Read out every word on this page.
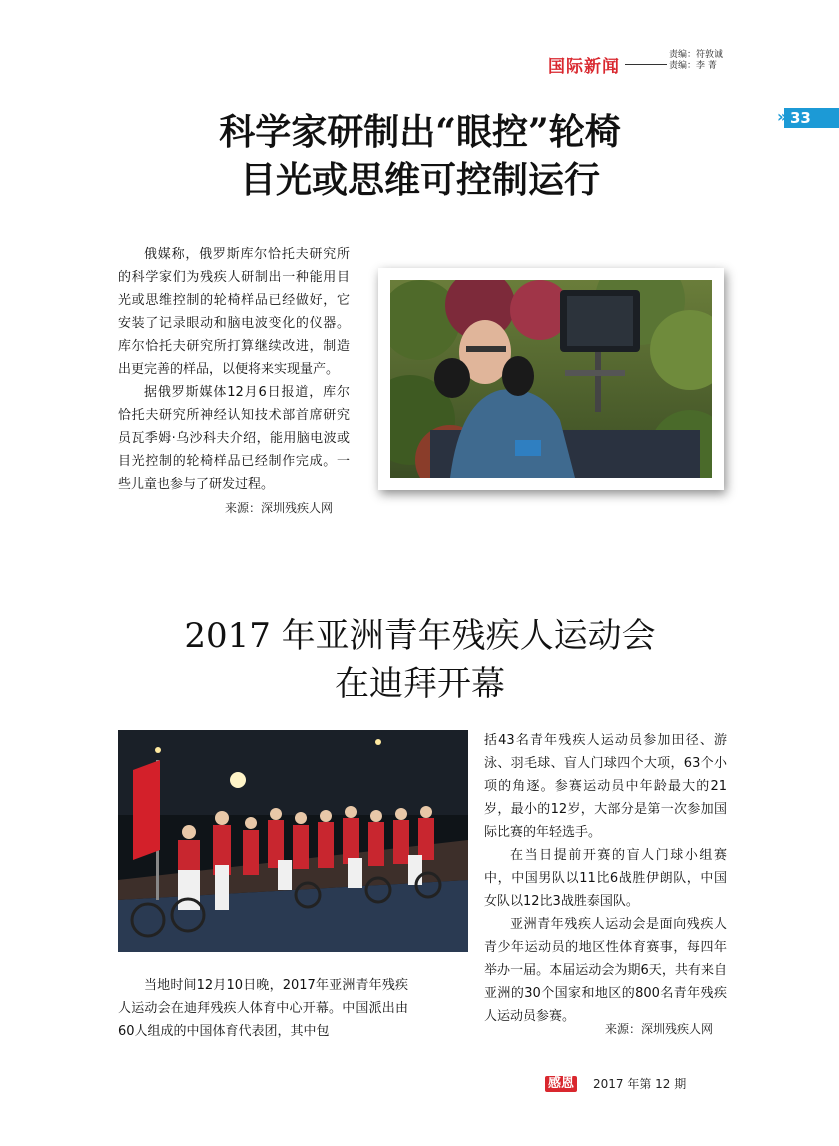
国际新闻
责编：符敦诚
责编：李 菁
» 33
科学家研制出“眼控”轮椅
目光或思维可控制运行

俄媒称，俄罗斯库尔恰托夫研究所的科学家们为残疾人研制出一种能用目光或思维控制的轮椅样品已经做好，它安装了记录眼动和脑电波变化的仪器。库尔恰托夫研究所打算继续改进，制造出更完善的样品，以便将来实现量产。

据俄罗斯媒体12月6日报道，库尔恰托夫研究所神经认知技术部首席研究员瓦季姆·乌沙科夫介绍，能用脑电波或目光控制的轮椅样品已经制作完成。一些儿童也参与了研发过程。

来源：深圳残疾人网
2017 年亚洲青年残疾人运动会
在迪拜开幕

当地时间12月10日晚，2017年亚洲青年残疾人运动会在迪拜残疾人体育中心开幕。中国派出由60人组成的中国体育代表团，其中包

括43名青年残疾人运动员参加田径、游泳、羽毛球、盲人门球四个大项，63个小项的角逐。参赛运动员中年龄最大的21岁，最小的12岁，大部分是第一次参加国际比赛的年轻选手。

在当日提前开赛的盲人门球小组赛中，中国男队以11比6战胜伊朗队，中国女队以12比3战胜泰国队。

亚洲青年残疾人运动会是面向残疾人青少年运动员的地区性体育赛事，每四年举办一届。本届运动会为期6天，共有来自亚洲的30个国家和地区的800名青年残疾人运动员参赛。

来源：深圳残疾人网
感恩 2017 年第 12 期
